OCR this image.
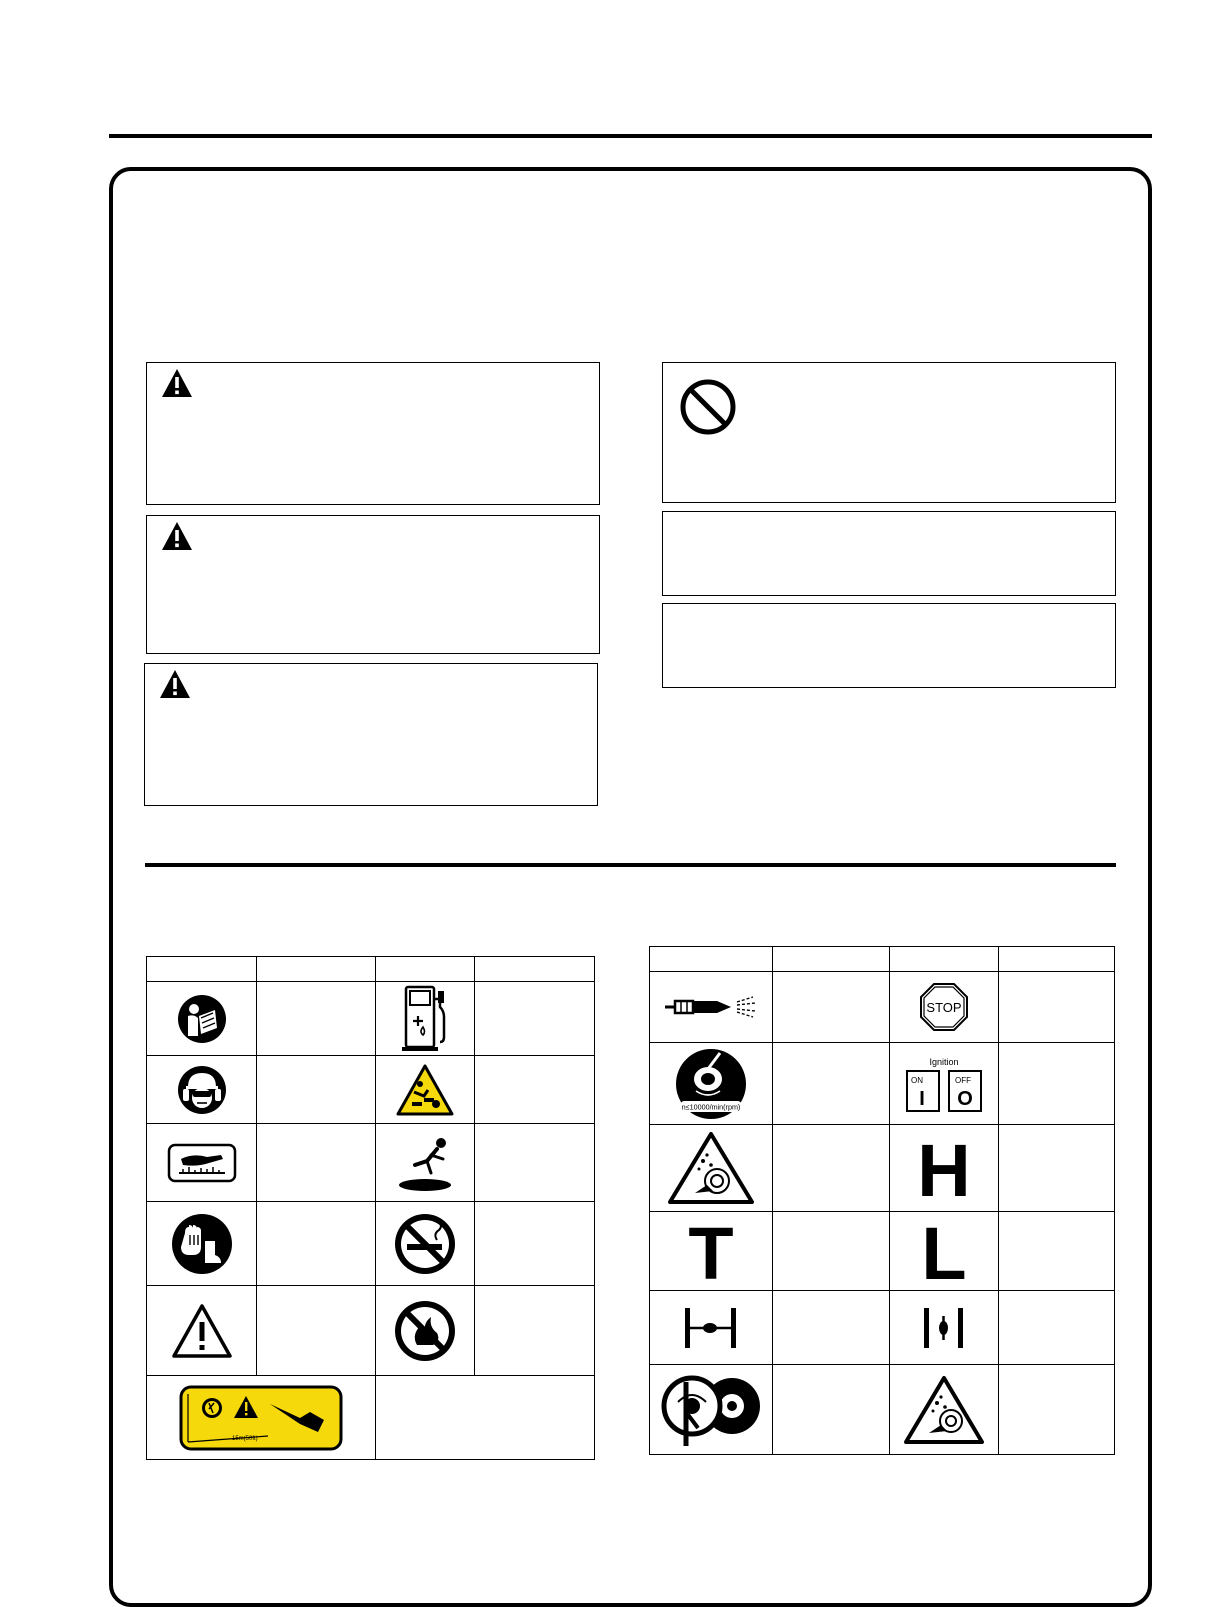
15m(50ft)			

STOP	

n≤10000/min(rpm)		Ignition
ON OFF
I O	

H	

T		L	
